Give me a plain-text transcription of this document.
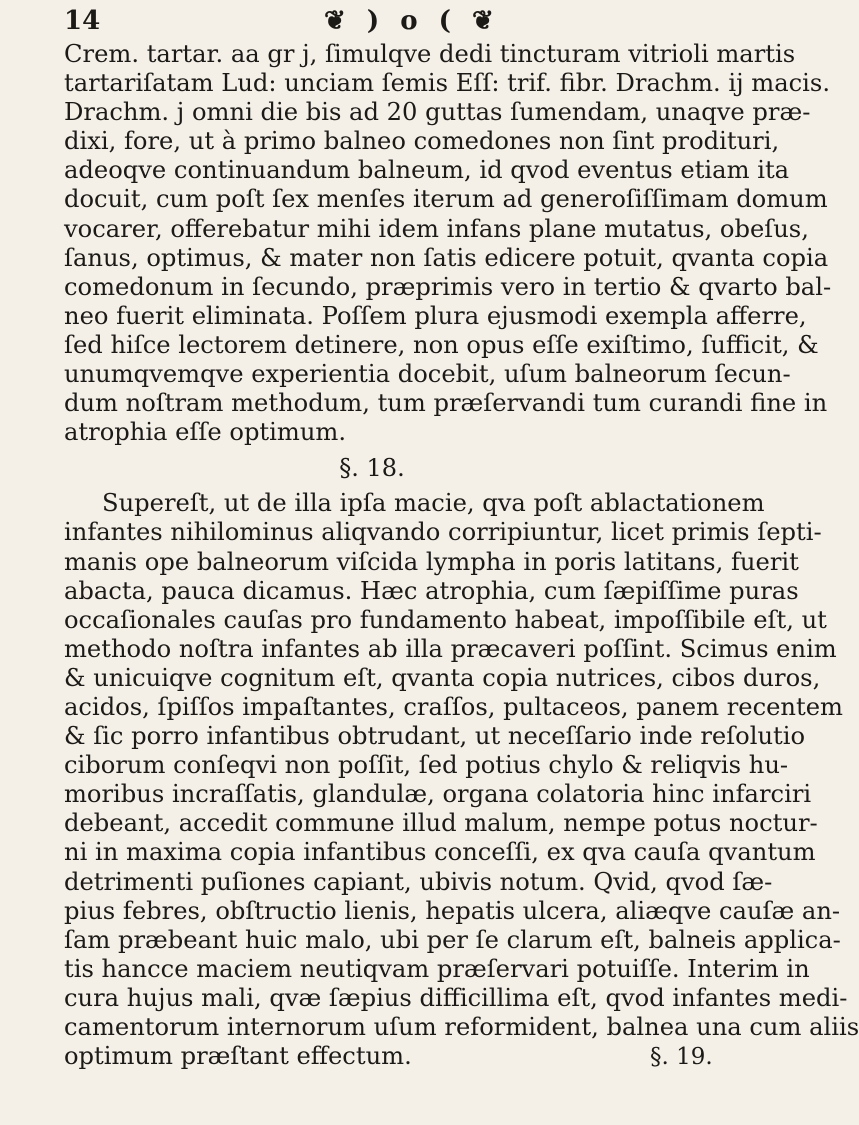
14	❦ ) o ( ❦
Crem. tartar. aa gr j, ſimulqve dedi tincturam vitrioli martis
tartariſatam Lud: unciam ſemis Eſſ: trif. fibr. Drachm. ij macis.
Drachm. j omni die bis ad 20 guttas ſumendam, unaqve præ-
dixi, fore, ut à primo balneo comedones non ſint prodituri,
adeoqve continuandum balneum, id qvod eventus etiam ita
docuit, cum poſt ſex menſes iterum ad generoſiſſimam domum
vocarer, offerebatur mihi idem infans plane mutatus, obeſus,
ſanus, optimus, & mater non ſatis edicere potuit, qvanta copia
comedonum in ſecundo, præprimis vero in tertio & qvarto bal-
neo fuerit eliminata. Poſſem plura ejusmodi exempla afferre,
ſed hiſce lectorem detinere, non opus eſſe exiſtimo, ſufficit, &
unumqvemqve experientia docebit, uſum balneorum ſecun-
dum noſtram methodum, tum præſervandi tum curandi fine in
atrophia eſſe optimum.
§. 18.
Supereſt, ut de illa ipſa macie, qva poſt ablactationem
infantes nihilominus aliqvando corripiuntur, licet primis ſepti-
manis ope balneorum viſcida lympha in poris latitans, fuerit
abacta, pauca dicamus. Hæc atrophia, cum ſæpiſſime puras
occaſionales cauſas pro fundamento habeat, impoſſibile eſt, ut
methodo noſtra infantes ab illa præcaveri poſſint. Scimus enim
& unicuiqve cognitum eſt, qvanta copia nutrices, cibos duros,
acidos, ſpiſſos impaſtantes, craſſos, pultaceos, panem recentem
& ſic porro infantibus obtrudant, ut neceſſario inde reſolutio
ciborum conſeqvi non poſſit, ſed potius chylo & reliqvis hu-
moribus incraſſatis, glandulæ, organa colatoria hinc infarciri
debeant, accedit commune illud malum, nempe potus noctur-
ni in maxima copia infantibus conceſſi, ex qva cauſa qvantum
detrimenti puſiones capiant, ubivis notum. Qvid, qvod ſæ-
pius febres, obſtructio lienis, hepatis ulcera, aliæqve cauſæ an-
ſam præbeant huic malo, ubi per ſe clarum eſt, balneis applica-
tis hancce maciem neutiqvam præſervari potuiſſe. Interim in
cura hujus mali, qvæ ſæpius difficillima eſt, qvod infantes medi-
camentorum internorum uſum reformident, balnea una cum aliis
optimum præſtant effectum.	§. 19.
